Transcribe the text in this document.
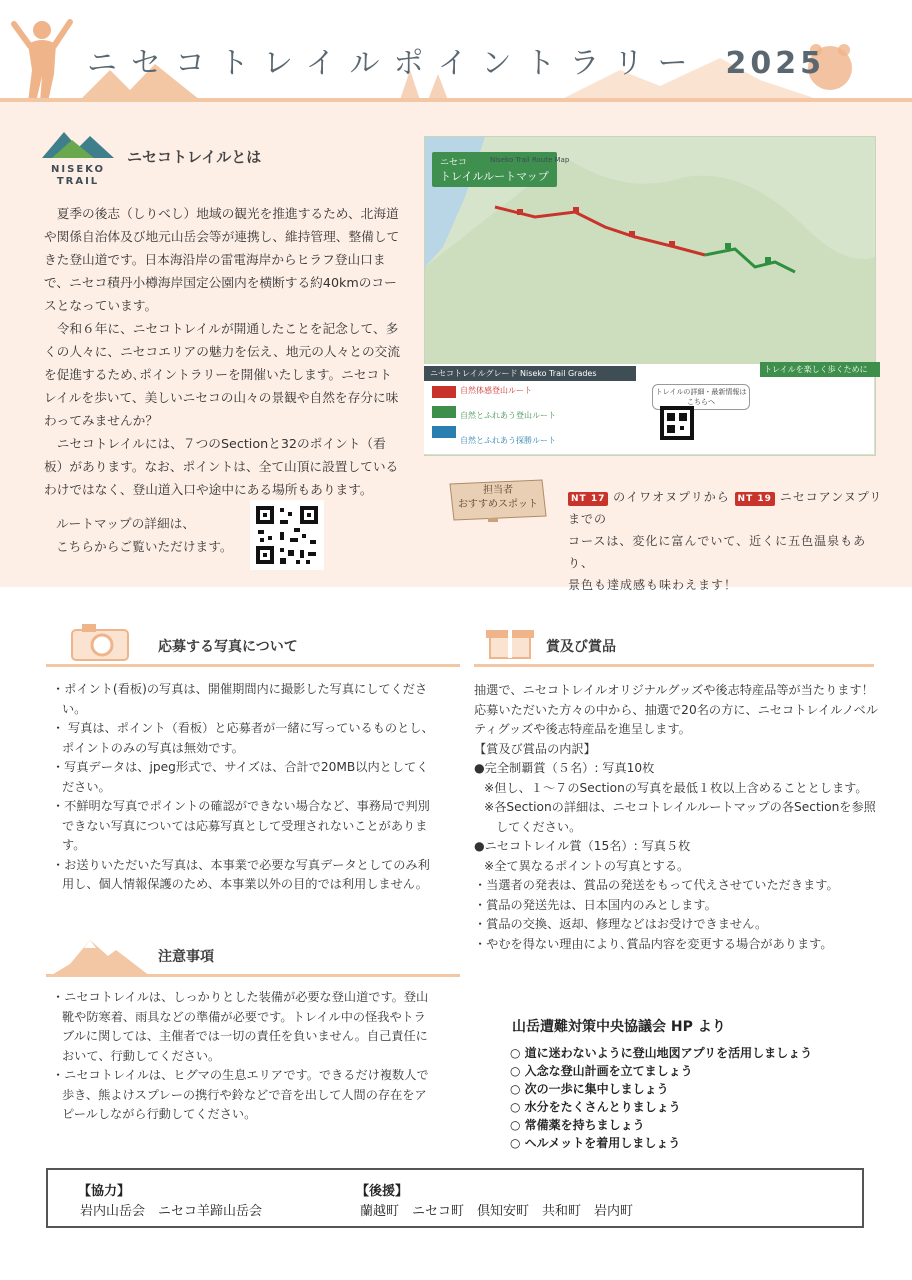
ニセコトレイルポイントラリー 2025
NISEKO TRAIL
ニセコトレイルとは

夏季の後志（しりべし）地域の観光を推進するため、北海道や関係自治体及び地元山岳会等が連携し、維持管理、整備してきた登山道です。日本海沿岸の雷電海岸からヒラフ登山口まで、ニセコ積丹小樽海岸国定公園内を横断する約40kmのコースとなっています。

令和６年に、ニセコトレイルが開通したことを記念して、多くの人々に、ニセコエリアの魅力を伝え、地元の人々との交流を促進するため､ポイントラリーを開催いたします。ニセコトレイルを歩いて、美しいニセコの山々の景観や自然を存分に味わってみませんか？

ニセコトレイルには、７つのSectionと32のポイント（看板）があります。なお、ポイントは、全て山頂に設置しているわけではなく、登山道入口や途中にある場所もあります。

ルートマップの詳細は、
こちらからご覧いただけます。
ニセコ
トレイルルートマップ
Niseko Trail Route Map
ニセコトレイルグレード Niseko Trail Grades
自然体感登山ルート
自然とふれあう登山ルート
自然とふれあう探勝ルート
トレイルの詳細・最新情報はこちらへ
トレイルを楽しく歩くために
担当者
おすすめスポット	NT 17 のイワオヌプリから NT 19 ニセコアンヌプリまでの
コースは、変化に富んでいて、近くに五色温泉もあり、
景色も達成感も味わえます！
応募する写真について
・ポイント(看板)の写真は、開催期間内に撮影した写真にしてください。
・ 写真は、ポイント（看板）と応募者が一緒に写っているものとし、ポイントのみの写真は無効です。
・写真データは、jpeg形式で、サイズは、合計で20MB以内としてください。
・不鮮明な写真でポイントの確認ができない場合など、事務局で判別できない写真については応募写真として受理されないことがあります。
・お送りいただいた写真は、本事業で必要な写真データとしてのみ利用し、個人情報保護のため、本事業以外の目的では利用しません。
賞及び賞品
抽選で、ニセコトレイルオリジナルグッズや後志特産品等が当たります！
応募いただいた方々の中から、抽選で20名の方に、ニセコトレイルノベルティグッズや後志特産品を進呈します。
【賞及び賞品の内訳】
●完全制覇賞（５名）: 写真10枚
※但し、１～７のSectionの写真を最低１枚以上含めることとします。
※各Sectionの詳細は、ニセコトレイルルートマップの各Sectionを参照してください。
●ニセコトレイル賞（15名）: 写真５枚
※全て異なるポイントの写真とする。
・当選者の発表は、賞品の発送をもって代えさせていただきます。
・賞品の発送先は、日本国内のみとします。
・賞品の交換、返却、修理などはお受けできません。
・やむを得ない理由により､賞品内容を変更する場合があります。
注意事項
・ニセコトレイルは、しっかりとした装備が必要な登山道です。登山靴や防寒着、雨具などの準備が必要です。トレイル中の怪我やトラブルに関しては、主催者では一切の責任を負いません。自己責任において、行動してください。
・ニセコトレイルは、ヒグマの生息エリアです。できるだけ複数人で歩き、熊よけスプレーの携行や鈴などで音を出して人間の存在をアピールしながら行動してください。
山岳遭難対策中央協議会 HP より
○ 道に迷わないように登山地図アプリを活用しましょう
○ 入念な登山計画を立てましょう
○ 次の一歩に集中しましょう
○ 水分をたくさんとりましょう
○ 常備薬を持ちましょう
○ ヘルメットを着用しましょう
【協力】
岩内山岳会　ニセコ羊蹄山岳会
【後援】
蘭越町　ニセコ町　倶知安町　共和町　岩内町
